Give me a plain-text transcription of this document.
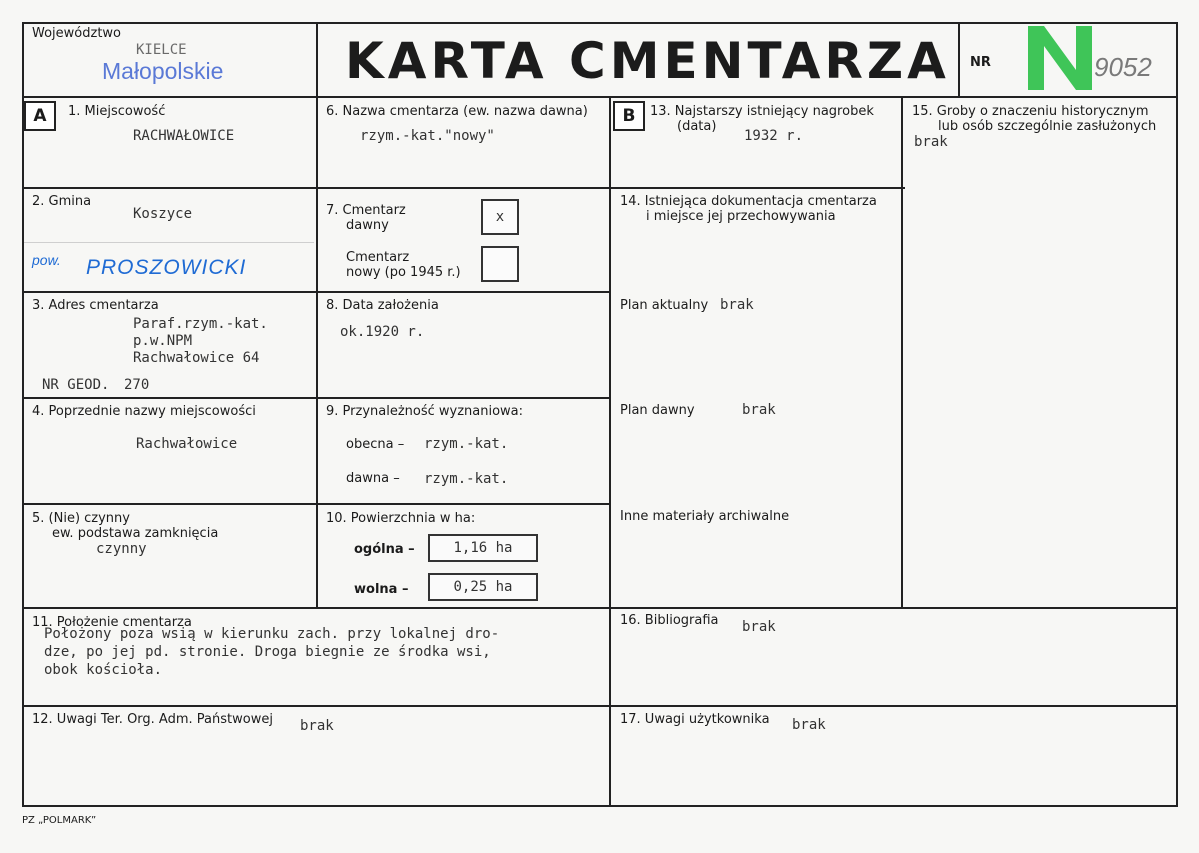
Województwo
KIELCE
Małopolskie KARTA CMENTARZA NR	9052
A	1. Miejscowość
RACHWAŁOWICE
2. Gmina
Koszyce
pow. PROSZOWICKI
3. Adres cmentarza
Paraf.rzym.-kat.
p.w.NPM
Rachwałowice 64
NR GEOD. 270
4. Poprzednie nazwy miejscowości
Rachwałowice
5. (Nie) czynny
ew. podstawa zamknięcia
czynny
6. Nazwa cmentarza (ew. nazwa dawna)
rzym.-kat."nowy"
7. Cmentarz
dawny
x
Cmentarz
nowy (po 1945 r.)
8. Data założenia
ok.1920 r.
9. Przynależność wyznaniowa:
obecna – rzym.-kat.
dawna – rzym.-kat.
10. Powierzchnia w ha:
ogólna –	1,16 ha
wolna –	0,25 ha
B	13. Najstarszy istniejący nagrobek
(data)
1932 r.
14. Istniejąca dokumentacja cmentarza
i miejsce jej przechowywania
Plan aktualny brak
Plan dawny	brak
Inne materiały archiwalne
15. Groby o znaczeniu historycznym
lub osób szczególnie zasłużonych
brak
11. Położenie cmentarza
Położony poza wsią w kierunku zach. przy lokalnej dro-
dze, po jej pd. stronie. Droga biegnie ze środka wsi,
obok kościoła.
16. Bibliografia brak
12. Uwagi Ter. Org. Adm. Państwowej brak	17. Uwagi użytkownika brak
PZ „POLMARK”
